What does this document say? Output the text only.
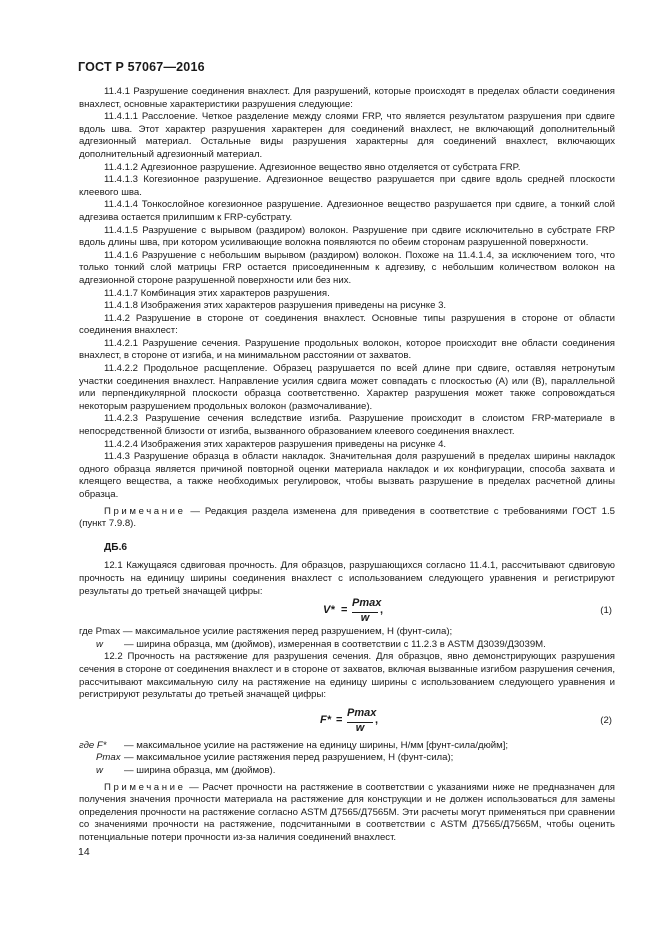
ГОСТ Р 57067—2016

11.4.1 Разрушение соединения внахлест. Для разрушений, которые происходят в пределах области соединения внахлест, основные характеристики разрушения следующие:

11.4.1.1 Расслоение. Четкое разделение между слоями FRP, что является результатом разрушения при сдвиге вдоль шва. Этот характер разрушения характерен для соединений внахлест, не включающий дополнительный адгезионный материал. Остальные виды разрушения характерны для соединений внахлест, включающих дополнительный адгезионный материал.

11.4.1.2 Адгезионное разрушение. Адгезионное вещество явно отделяется от субстрата FRP.

11.4.1.3 Когезионное разрушение. Адгезионное вещество разрушается при сдвиге вдоль средней плоскости клеевого шва.

11.4.1.4 Тонкослойное когезионное разрушение. Адгезионное вещество разрушается при сдвиге, а тонкий слой адгезива остается прилипшим к FRP-субстрату.

11.4.1.5 Разрушение с вырывом (раздиром) волокон. Разрушение при сдвиге исключительно в субстрате FRP вдоль длины шва, при котором усиливающие волокна появляются по обеим сторонам разрушенной поверхности.

11.4.1.6 Разрушение с небольшим вырывом (раздиром) волокон. Похоже на 11.4.1.4, за исключением того, что только тонкий слой матрицы FRP остается присоединенным к адгезиву, с небольшим количеством волокон на адгезионной стороне разрушенной поверхности или без них.

11.4.1.7 Комбинация этих характеров разрушения.

11.4.1.8 Изображения этих характеров разрушения приведены на рисунке 3.

11.4.2 Разрушение в стороне от соединения внахлест. Основные типы разрушения в стороне от области соединения внахлест:

11.4.2.1 Разрушение сечения. Разрушение продольных волокон, которое происходит вне области соединения внахлест, в стороне от изгиба, и на минимальном расстоянии от захватов.

11.4.2.2 Продольное расщепление. Образец разрушается по всей длине при сдвиге, оставляя нетронутым участки соединения внахлест. Направление усилия сдвига может совпадать с плоскостью (А) или (В), параллельной или перпендикулярной плоскости образца соответственно. Характер разрушения может также сопровождаться некоторым разрушением продольных волокон (размочаливание).

11.4.2.3 Разрушение сечения вследствие изгиба. Разрушение происходит в слоистом FRP-материале в непосредственной близости от изгиба, вызванного образованием клеевого соединения внахлест.

11.4.2.4 Изображения этих характеров разрушения приведены на рисунке 4.

11.4.3 Разрушение образца в области накладок. Значительная доля разрушений в пределах ширины накладок одного образца является причиной повторной оценки материала накладок и их конфигурации, способа захвата и клеящего вещества, а также необходимых регулировок, чтобы вызвать разрушение в пределах расчетной длины образца.

Примечание — Редакция раздела изменена для приведения в соответствие с требованиями ГОСТ 1.5 (пункт 7.9.8).

ДБ.6

12.1 Кажущаяся сдвиговая прочность. Для образцов, разрушающихся согласно 11.4.1, рассчитывают сдвиговую прочность на единицу ширины соединения внахлест с использованием следующего уравнения и регистрируют результаты до третьей значащей цифры:

V* =
Pmax
w
,	(1)

где Pmax — максимальное усилие растяжения перед разрушением, Н (фунт-сила);

w	— ширина образца, мм (дюймов), измеренная в соответствии с 11.2.3 в ASTM Д3039/Д3039М.

12.2 Прочность на растяжение для разрушения сечения. Для образцов, явно демонстрирующих разрушения сечения в стороне от соединения внахлест и в стороне от захватов, включая вызванные изгибом разрушения сечения, рассчитывают максимальную силу на растяжение на единицу ширины с использованием следующего уравнения и регистрируют результаты до третьей значащей цифры:

F* =
Pmax
w
,	(2)
где F*	— максимальное усилие на растяжение на единицу ширины, Н/мм [фунт-сила/дюйм];
Pmax — максимальное усилие растяжения перед разрушением, Н (фунт-сила);
w	— ширина образца, мм (дюймов).

Примечание — Расчет прочности на растяжение в соответствии с указаниями ниже не предназначен для получения значения прочности материала на растяжение для конструкции и не должен использоваться для замены определения прочности на растяжение согласно ASTM Д7565/Д7565М. Эти расчеты могут применяться при сравнении со значениями прочности на растяжение, подсчитанными в соответствии с ASTM Д7565/Д7565М, чтобы оценить потенциальные потери прочности из-за наличия соединений внахлест.

14
